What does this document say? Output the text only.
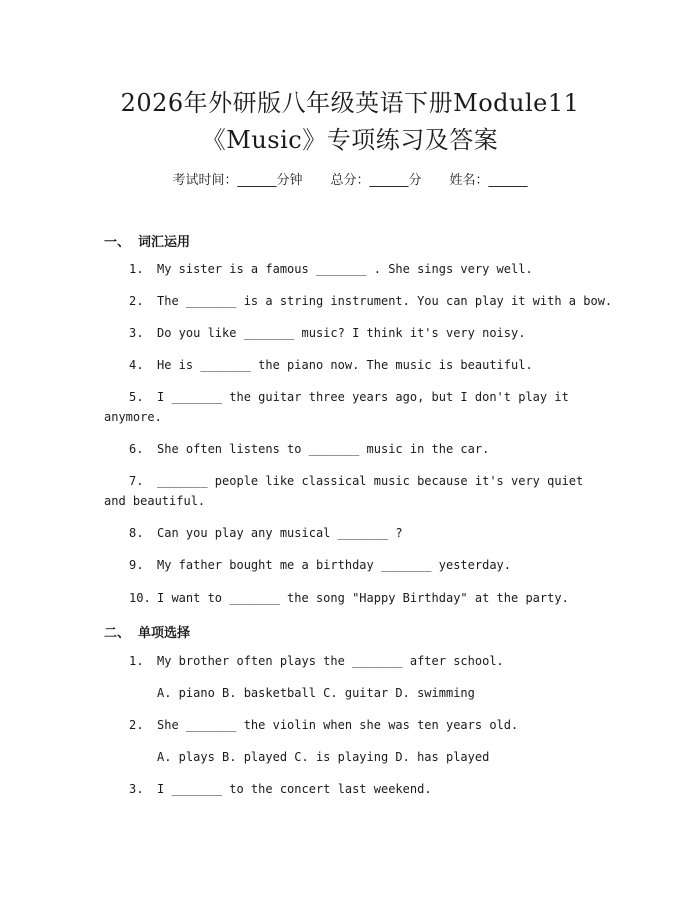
2026年外研版八年级英语下册Module11
《Music》专项练习及答案
考试时间：______分钟 总分：______分 姓名：______
一、 词汇运用
1. My sister is a famous _______ . She sings very well.
2. The _______ is a string instrument. You can play it with a bow.
3. Do you like _______ music? I think it's very noisy.
4. He is _______ the piano now. The music is beautiful.
5. I _______ the guitar three years ago, but I don't play it anymore.
6. She often listens to _______ music in the car.
7. _______ people like classical music because it's very quiet and beautiful.
8. Can you play any musical _______ ?
9. My father bought me a birthday _______ yesterday.
10. I want to _______ the song "Happy Birthday" at the party.
二、 单项选择
1. My brother often plays the _______ after school.
A. piano B. basketball C. guitar D. swimming
2. She _______ the violin when she was ten years old.
A. plays B. played C. is playing D. has played
3. I _______ to the concert last weekend.
